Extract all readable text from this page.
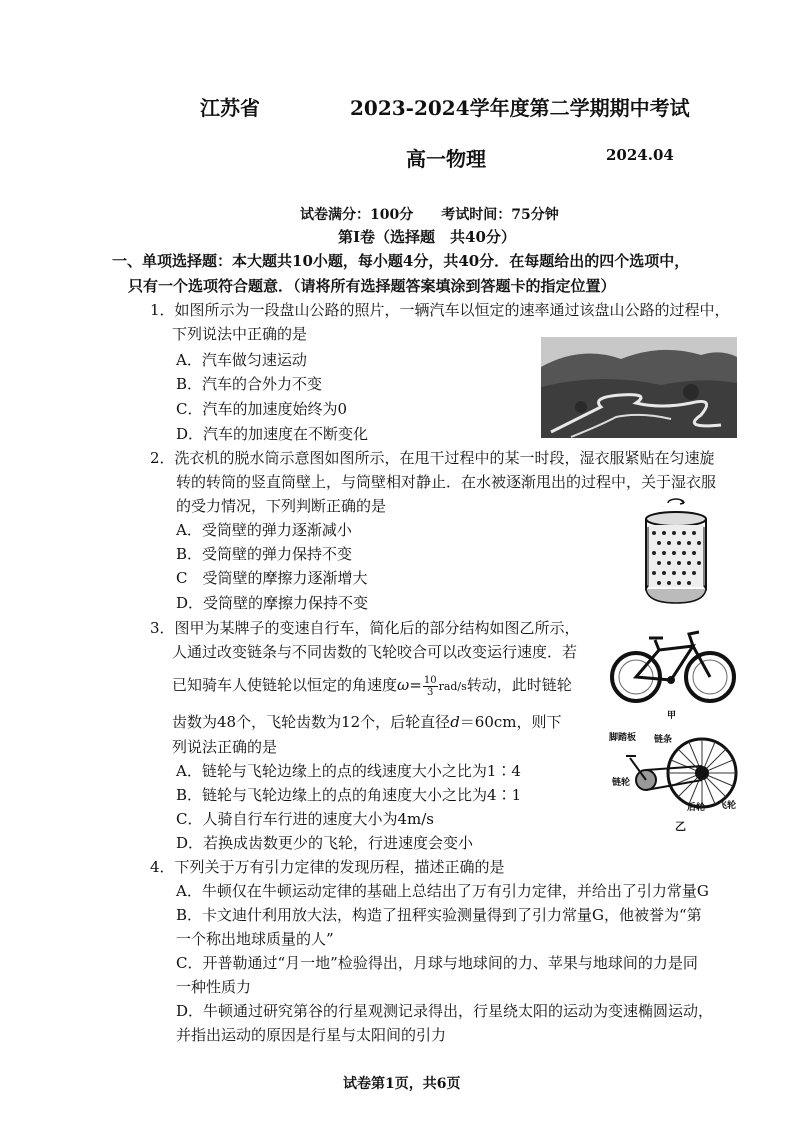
江苏省	2023-2024学年度第二学期期中考试
高一物理	2024.04
试卷满分：100分　　考试时间：75分钟
第Ⅰ卷（选择题　共40分）
一、单项选择题：本大题共10小题，每小题4分，共40分．在每题给出的四个选项中，
只有一个选项符合题意．（请将所有选择题答案填涂到答题卡的指定位置）
1．如图所示为一段盘山公路的照片，一辆汽车以恒定的速率通过该盘山公路的过程中，
下列说法中正确的是
A．汽车做匀速运动
B．汽车的合外力不变
C．汽车的加速度始终为0
D．汽车的加速度在不断变化
2．洗衣机的脱水筒示意图如图所示，在甩干过程中的某一时段，湿衣服紧贴在匀速旋
转的转筒的竖直筒壁上，与筒壁相对静止．在水被逐渐甩出的过程中，关于湿衣服
的受力情况，下列判断正确的是
A．受筒壁的弹力逐渐减小
B．受筒壁的弹力保持不变
C　受筒壁的摩擦力逐渐增大
D．受筒壁的摩擦力保持不变
3．图甲为某牌子的变速自行车，简化后的部分结构如图乙所示，
人通过改变链条与不同齿数的飞轮咬合可以改变运行速度．若
已知骑车人使链轮以恒定的角速度$\omega= \frac{10}{3} rad/s$转动，此时链轮
齿数为48个，飞轮齿数为12个，后轮直径d＝60cm，则下
列说法正确的是
A．链轮与飞轮边缘上的点的线速度大小之比为1∶4
B．链轮与飞轮边缘上的点的角速度大小之比为4∶1
C．人骑自行车行进的速度大小为4m/s
D．若换成齿数更少的飞轮，行进速度会变小
甲
脚踏板 链条
链轮
后轮 飞轮
乙
4．下列关于万有引力定律的发现历程，描述正确的是
A．牛顿仅在牛顿运动定律的基础上总结出了万有引力定律，并给出了引力常量G
B．卡文迪什利用放大法，构造了扭秤实验测量得到了引力常量G，他被誉为“第
一个称出地球质量的人”
C．开普勒通过“月一地”检验得出，月球与地球间的力、苹果与地球间的力是同
一种性质力
D．牛顿通过研究第谷的行星观测记录得出，行星绕太阳的运动为变速椭圆运动，
并指出运动的原因是行星与太阳间的引力
试卷第1页，共6页
